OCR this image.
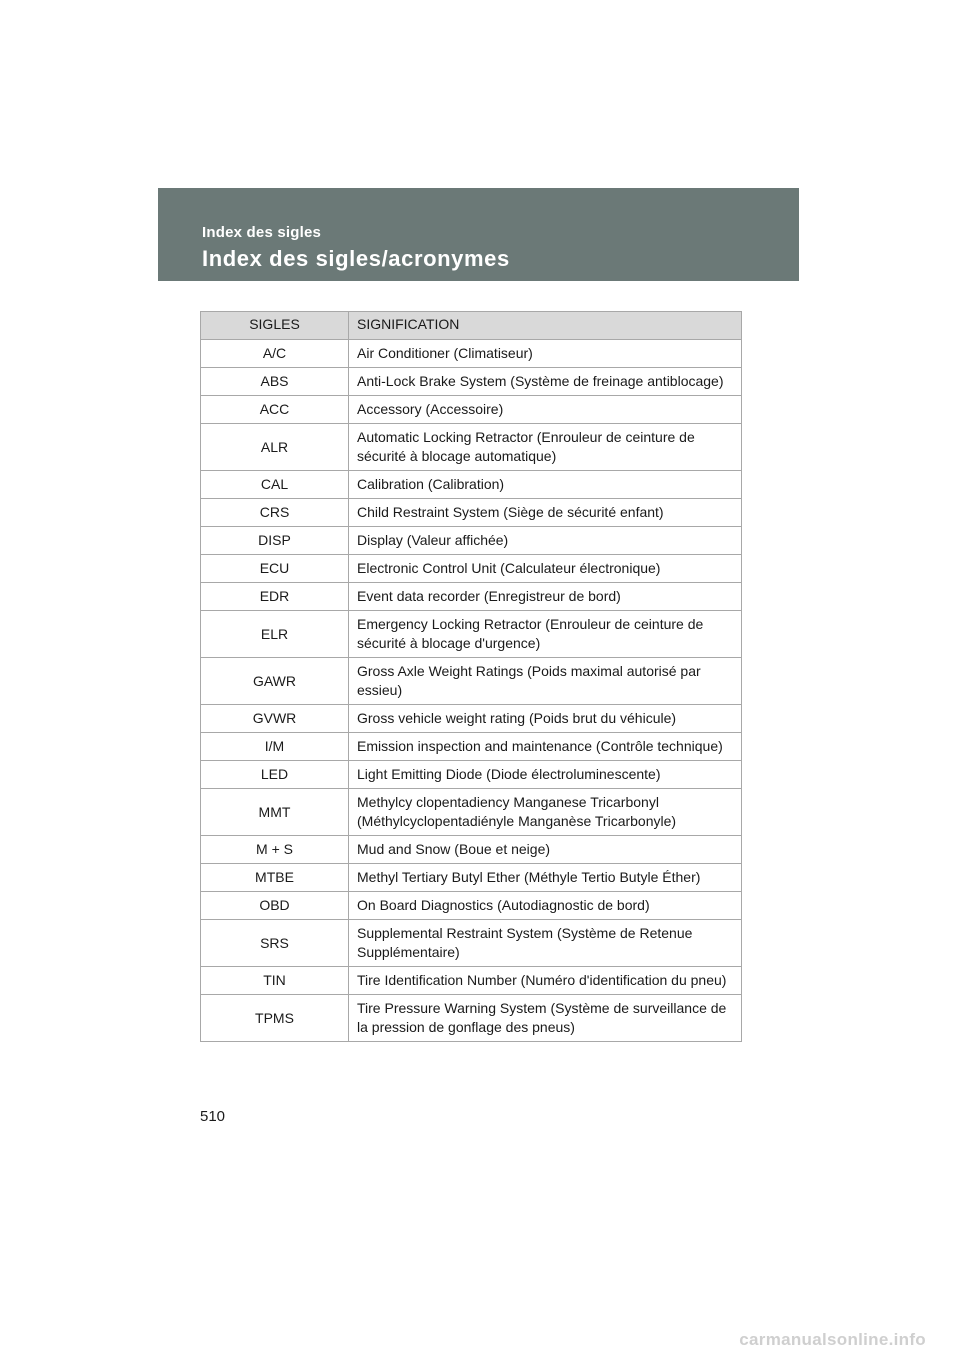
Index des sigles
Index des sigles/acronymes
SIGLES	SIGNIFICATION
A/C	Air Conditioner (Climatiseur)
ABS	Anti-Lock Brake System (Système de freinage antiblocage)
ACC	Accessory (Accessoire)
ALR	Automatic Locking Retractor (Enrouleur de ceinture de sécurité à blocage automatique)
CAL	Calibration (Calibration)
CRS	Child Restraint System (Siège de sécurité enfant)
DISP	Display (Valeur affichée)
ECU	Electronic Control Unit (Calculateur électronique)
EDR	Event data recorder (Enregistreur de bord)
ELR	Emergency Locking Retractor (Enrouleur de ceinture de sécurité à blocage d'urgence)
GAWR	Gross Axle Weight Ratings (Poids maximal autorisé par essieu)
GVWR	Gross vehicle weight rating (Poids brut du véhicule)
I/M	Emission inspection and maintenance (Contrôle technique)
LED	Light Emitting Diode (Diode électroluminescente)
MMT	Methylcy clopentadiency Manganese Tricarbonyl (Méthylcyclopentadiényle Manganèse Tricarbonyle)
M + S	Mud and Snow (Boue et neige)
MTBE	Methyl Tertiary Butyl Ether (Méthyle Tertio Butyle Éther)
OBD	On Board Diagnostics (Autodiagnostic de bord)
SRS	Supplemental Restraint System (Système de Retenue Supplémentaire)
TIN	Tire Identification Number (Numéro d'identification du pneu)
TPMS	Tire Pressure Warning System (Système de surveillance de la pression de gonflage des pneus)
510
carmanualsonline.info
